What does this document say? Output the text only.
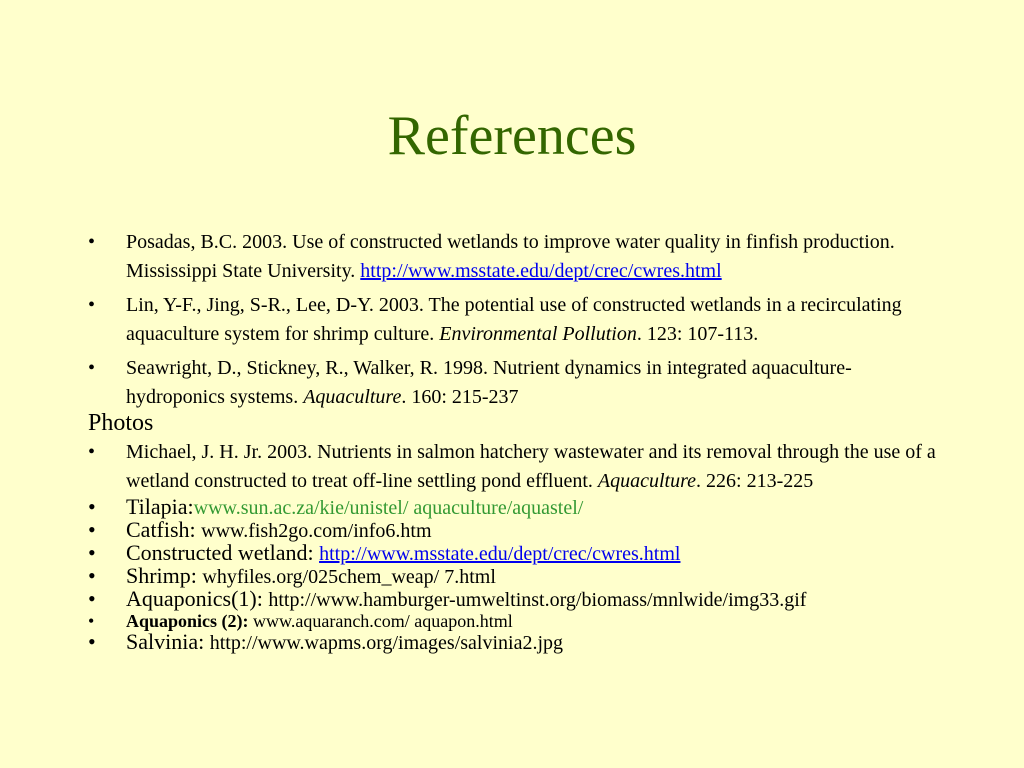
References
• Posadas, B.C. 2003. Use of constructed wetlands to improve water quality in finfish production. Mississippi State University. http://www.msstate.edu/dept/crec/cwres.html
• Lin, Y-F., Jing, S-R., Lee, D-Y. 2003. The potential use of constructed wetlands in a recirculating aquaculture system for shrimp culture. Environmental Pollution. 123: 107-113.
• Seawright, D., Stickney, R., Walker, R. 1998. Nutrient dynamics in integrated aquaculture-hydroponics systems. Aquaculture. 160: 215-237
Photos
• Michael, J. H. Jr. 2003. Nutrients in salmon hatchery wastewater and its removal through the use of a wetland constructed to treat off-line settling pond effluent. Aquaculture. 226: 213-225
• Tilapia:www.sun.ac.za/kie/unistel/ aquaculture/aquastel/
• Catfish: www.fish2go.com/info6.htm
• Constructed wetland: http://www.msstate.edu/dept/crec/cwres.html
• Shrimp: whyfiles.org/025chem_weap/ 7.html
• Aquaponics(1): http://www.hamburger-umweltinst.org/biomass/mnlwide/img33.gif
• Aquaponics (2): www.aquaranch.com/ aquapon.html
• Salvinia: http://www.wapms.org/images/salvinia2.jpg
